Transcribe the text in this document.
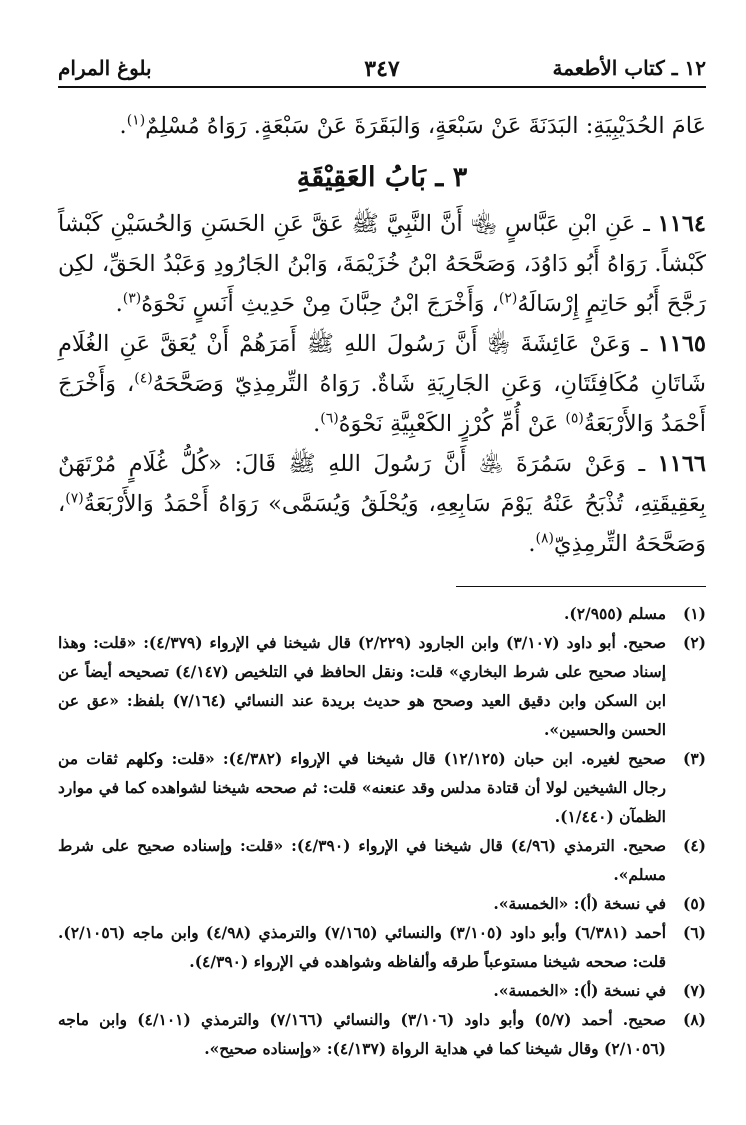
١٢ ـ كتاب الأطعمة
٣٤٧
بلوغ المرام

عَامَ الحُدَيْبِيَةِ: البَدَنَةَ عَنْ سَبْعَةٍ، وَالبَقَرَةَ عَنْ سَبْعَةٍ. رَوَاهُ مُسْلِمٌ$^{(١)}$.

٣ ـ بَابُ العَقِيْقَةِ

١١٦٤ ـ عَنِ ابْنِ عَبَّاسٍ ﵄ أَنَّ النَّبِيَّ ﷺ عَقَّ عَنِ الحَسَنِ وَالحُسَيْنِ كَبْشاً كَبْشاً. رَوَاهُ أَبُو دَاوُدَ، وَصَحَّحَهُ ابْنُ خُزَيْمَةَ، وَابْنُ الجَارُودِ وَعَبْدُ الحَقِّ، لكِن رَجَّحَ أَبُو حَاتِمٍ إِرْسَالَهُ$^{(٢)}$، وَأَخْرَجَ ابْنُ حِبَّانَ مِنْ حَدِيثِ أَنَسٍ نَحْوَهُ$^{(٣)}$.

١١٦٥ ـ وَعَنْ عَائِشَةَ ﵂ أَنَّ رَسُولَ اللهِ ﷺ أَمَرَهُمْ أَنْ يُعَقَّ عَنِ الغُلَامِ شَاتَانِ مُكَافِئَتَانِ، وَعَنِ الجَارِيَةِ شَاةٌ. رَوَاهُ التِّرمِذِيّ وَصَحَّحَهُ$^{(٤)}$، وَأَخْرَجَ أَحْمَدُ وَالأَرْبَعَةُ$^{(٥)}$ عَنْ أُمِّ كُرْزٍ الكَعْبِيَّةِ نَحْوَهُ$^{(٦)}$.

١١٦٦ ـ وَعَنْ سَمُرَةَ ﵁ أَنَّ رَسُولَ اللهِ ﷺ قَالَ: «كُلُّ غُلَامٍ مُرْتَهَنٌ بِعَقِيقَتِهِ، تُذْبَحُ عَنْهُ يَوْمَ سَابِعِهِ، وَيُحْلَقُ وَيُسَمَّى» رَوَاهُ أَحْمَدُ وَالأَرْبَعَةُ$^{(٧)}$، وَصَحَّحَهُ التِّرمِذِيّ$^{(٨)}$.

(١)
مسلم (٢/٩٥٥).
(٢)
صحيح. أبو داود (٣/١٠٧) وابن الجارود (٢/٢٢٩) قال شيخنا في الإرواء (٤/٣٧٩): «قلت: وهذا إسناد صحيح على شرط البخاري» قلت: ونقل الحافظ في التلخيص (٤/١٤٧) تصحيحه أيضاً عن ابن السكن وابن دقيق العيد وصحح هو حديث بريدة عند النسائي (٧/١٦٤) بلفظ: «عق عن الحسن والحسين».
(٣)
صحيح لغيره. ابن حبان (١٢/١٢٥) قال شيخنا في الإرواء (٤/٣٨٢): «قلت: وكلهم ثقات من رجال الشيخين لولا أن قتادة مدلس وقد عنعنه» قلت: ثم صححه شيخنا لشواهده كما في موارد الظمآن (١/٤٤٠).
(٤)
صحيح. الترمذي (٤/٩٦) قال شيخنا في الإرواء (٤/٣٩٠): «قلت: وإسناده صحيح على شرط مسلم».
(٥)
في نسخة (أ): «الخمسة».
(٦)
أحمد (٦/٣٨١) وأبو داود (٣/١٠٥) والنسائي (٧/١٦٥) والترمذي (٤/٩٨) وابن ماجه (٢/١٠٥٦). قلت: صححه شيخنا مستوعباً طرقه وألفاظه وشواهده في الإرواء (٤/٣٩٠).
(٧)
في نسخة (أ): «الخمسة».
(٨)
صحيح. أحمد (٥/٧) وأبو داود (٣/١٠٦) والنسائي (٧/١٦٦) والترمذي (٤/١٠١) وابن ماجه (٢/١٠٥٦) وقال شيخنا كما في هداية الرواة (٤/١٣٧): «وإسناده صحيح».
